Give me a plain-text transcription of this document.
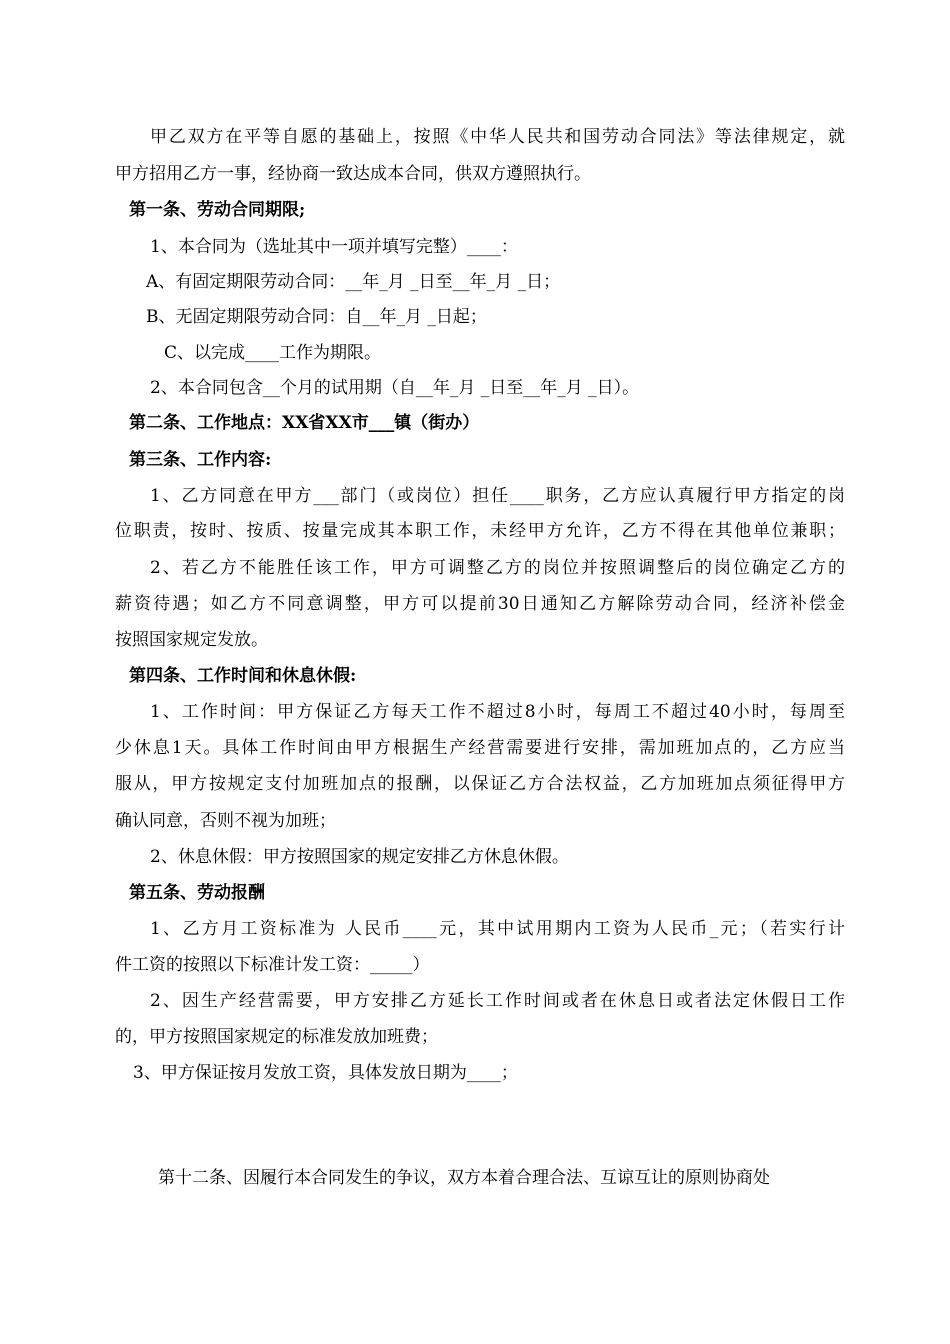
甲乙双方在平等自愿的基础上，按照《中华人民共和国劳动合同法》等法律规定，就
甲方招用乙方一事，经协商一致达成本合同，供双方遵照执行。
第一条、劳动合同期限;
1、本合同为（选址其中一项并填写完整）____：
A、有固定期限劳动合同：__年_月 _日至__年_月 _日；
B、无固定期限劳动合同：自__年_月 _日起；
C、以完成____工作为期限。
2、本合同包含__个月的试用期（自__年_月 _日至__年_月 _日）。
第二条、工作地点：XX省XX市___镇（街办）
第三条、工作内容:
1、乙方同意在甲方___部门（或岗位）担任____职务，乙方应认真履行甲方指定的岗
位职责，按时、按质、按量完成其本职工作，未经甲方允许，乙方不得在其他单位兼职；
2、若乙方不能胜任该工作，甲方可调整乙方的岗位并按照调整后的岗位确定乙方的
薪资待遇；如乙方不同意调整，甲方可以提前30日通知乙方解除劳动合同，经济补偿金
按照国家规定发放。
第四条、工作时间和休息休假:
1、工作时间：甲方保证乙方每天工作不超过8小时，每周工不超过40小时，每周至
少休息1天。具体工作时间由甲方根据生产经营需要进行安排，需加班加点的，乙方应当
服从，甲方按规定支付加班加点的报酬，以保证乙方合法权益，乙方加班加点须征得甲方
确认同意，否则不视为加班；
2、休息休假：甲方按照国家的规定安排乙方休息休假。
第五条、劳动报酬
1、乙方月工资标准为 人民币____元，其中试用期内工资为人民币_元；（若实行计
件工资的按照以下标准计发工资：_____）
2、因生产经营需要，甲方安排乙方延长工作时间或者在休息日或者法定休假日工作
的，甲方按照国家规定的标准发放加班费；
3、甲方保证按月发放工资，具体发放日期为____；
第十二条、因履行本合同发生的争议，双方本着合理合法、互谅互让的原则协商处
